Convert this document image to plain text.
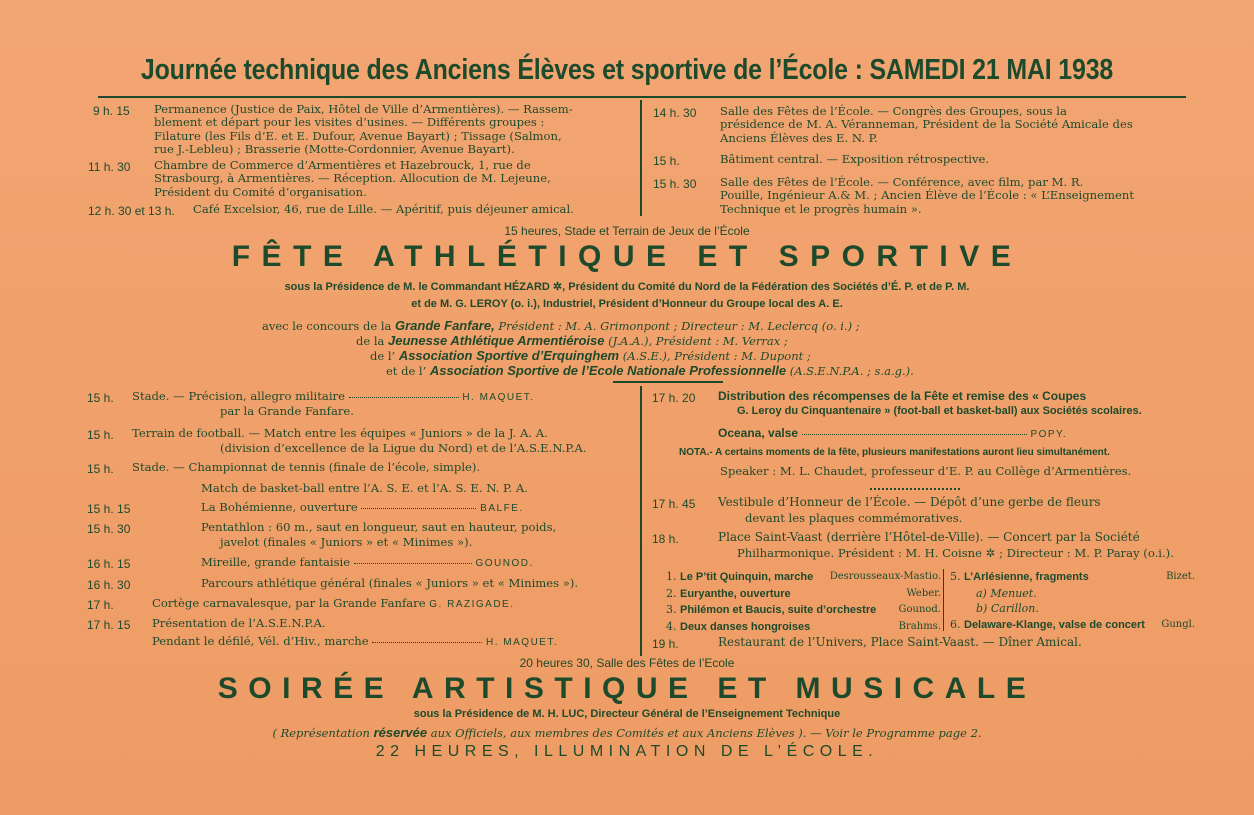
Journée technique des Anciens Élèves et sportive de l’École : SAMEDI 21 MAI 1938
9 h. 15 Permanence (Justice de Paix, Hôtel de Ville d’Armentières). — Rassem-
blement et départ pour les visites d’usines. — Différents groupes :
Filature (les Fils d’E. et E. Dufour, Avenue Bayart) ; Tissage (Salmon,
rue J.-Lebleu) ; Brasserie (Motte-Cordonnier, Avenue Bayart).
11 h. 30 Chambre de Commerce d’Armentières et Hazebrouck, 1, rue de
Strasbourg, à Armentières. — Réception. Allocution de M. Lejeune,
Président du Comité d’organisation.
12 h. 30 et 13 h. Café Excelsior, 46, rue de Lille. — Apéritif, puis déjeuner amical.
14 h. 30 Salle des Fêtes de l’École. — Congrès des Groupes, sous la
présidence de M. A. Véranneman, Président de la Société Amicale des
Anciens Élèves des E. N. P.
15 h.	Bâtiment central. — Exposition rétrospective.
15 h. 30 Salle des Fêtes de l’École. — Conférence, avec film, par M. R.
Pouille, Ingénieur A.& M. ; Ancien Élève de l’École : « L’Enseignement
Technique et le progrès humain ».
15 heures, Stade et Terrain de Jeux de l’École
FÊTE ATHLÉTIQUE ET SPORTIVE
sous la Présidence de M. le Commandant HÉZARD ✲, Président du Comité du Nord de la Fédération des Sociétés d’É. P. et de P. M.
et de M. G. LEROY (o. i.), Industriel, Président d’Honneur du Groupe local des A. E.
avec le concours de la Grande Fanfare, Président : M. A. Grimonpont ; Directeur : M. Leclercq (o. i.) ;
de la Jeunesse Athlétique Armentiéroise (J.A.A.), Président : M. Verrax ;
de l’ Association Sportive d’Erquinghem (A.S.E.), Président : M. Dupont ;
et de l’ Association Sportive de l’Ecole Nationale Professionnelle (A.S.E.N.P.A. ; s.a.g.).
15 h. Stade. — Précision, allegro militaire	H. MAQUET.
par la Grande Fanfare.
15 h. Terrain de football. — Match entre les équipes « Juniors » de la J. A. A.
(division d’excellence de la Ligue du Nord) et de l’A.S.E.N.P.A.
15 h. Stade. — Championnat de tennis (finale de l’école, simple).
Match de basket-ball entre l’A. S. E. et l’A. S. E. N. P. A.
15 h. 15	La Bohémienne, ouverture	BALFE.
15 h. 30	Pentathlon : 60 m., saut en longueur, saut en hauteur, poids,
javelot (finales « Juniors » et « Minimes »).
16 h. 15	Mireille, grande fantaisie	GOUNOD.
16 h. 30	Parcours athlétique général (finales « Juniors » et « Minimes »).
17 h.	Cortège carnavalesque, par la Grande Fanfare G. RAZIGADE.
17 h. 15 Présentation de l’A.S.E.N.P.A.
Pendant le défilé, Vél. d’Hiv., marche	H. MAQUET.
17 h. 20 Distribution des récompenses de la Fête et remise des « Coupes
G. Leroy du Cinquantenaire » (foot-ball et basket-ball) aux Sociétés scolaires.
Oceana, valse	POPY.
NOTA.- A certains moments de la fête, plusieurs manifestations auront lieu simultanément.
Speaker : M. L. Chaudet, professeur d’E. P. au Collège d’Armentières.
17 h. 45 Vestibule d’Honneur de l’École. — Dépôt d’une gerbe de fleurs
devant les plaques commémoratives.
18 h.	Place Saint-Vaast (derrière l’Hôtel-de-Ville). — Concert par la Société
Philharmonique. Président : M. H. Coisne ✲ ; Directeur : M. P. Paray (o.i.).
1. Le P’tit Quinquin, marche Desrousseaux-Mastio.
2. Euryanthe, ouverture	Weber.
3. Philémon et Baucis, suite d’orchestre Gounod.
4. Deux danses hongroises	Brahms.
5. L’Arlésienne, fragments	Bizet.
a) Menuet.
b) Carillon.
6. Delaware-Klange, valse de concert Gungl.
19 h.	Restaurant de l’Univers, Place Saint-Vaast. — Dîner Amical.
20 heures 30, Salle des Fêtes de l’Ecole
SOIRÉE ARTISTIQUE ET MUSICALE
sous la Présidence de M. H. LUC, Directeur Général de l’Enseignement Technique
( Représentation réservée aux Officiels, aux membres des Comités et aux Anciens Elèves ). — Voir le Programme page 2.
22 HEURES, ILLUMINATION DE L’ÉCOLE.
